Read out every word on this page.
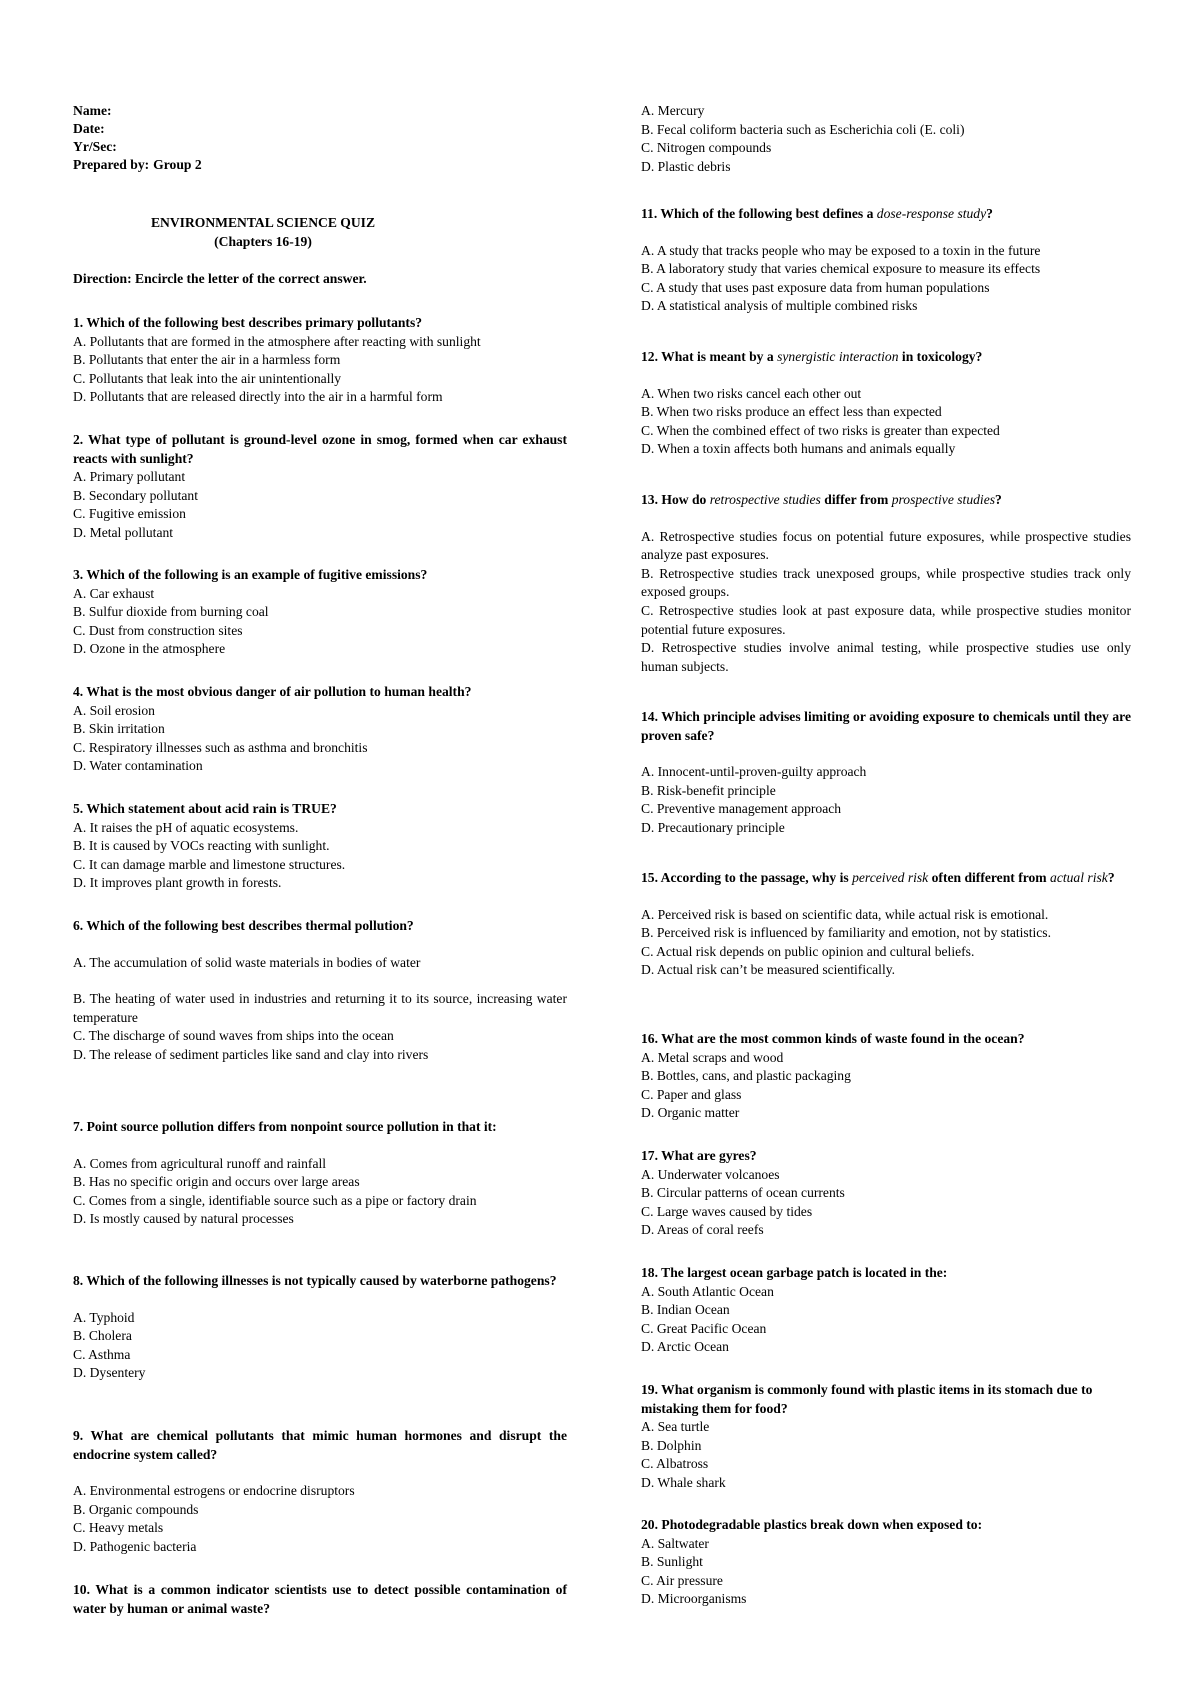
Name:
Date:
Yr/Sec:
Prepared by: Group 2
ENVIRONMENTAL SCIENCE QUIZ
(Chapters 16-19)
Direction: Encircle the letter of the correct answer.

1. Which of the following best describes primary pollutants?

A. Pollutants that are formed in the atmosphere after reacting with sunlight

B. Pollutants that enter the air in a harmless form

C. Pollutants that leak into the air unintentionally

D. Pollutants that are released directly into the air in a harmful form

2. What type of pollutant is ground-level ozone in smog, formed when car exhaust reacts with sunlight?

A. Primary pollutant

B. Secondary pollutant

C. Fugitive emission

D. Metal pollutant

3. Which of the following is an example of fugitive emissions?

A. Car exhaust

B. Sulfur dioxide from burning coal

C. Dust from construction sites

D. Ozone in the atmosphere

4. What is the most obvious danger of air pollution to human health?

A. Soil erosion

B. Skin irritation

C. Respiratory illnesses such as asthma and bronchitis

D. Water contamination

5. Which statement about acid rain is TRUE?

A. It raises the pH of aquatic ecosystems.

B. It is caused by VOCs reacting with sunlight.

C. It can damage marble and limestone structures.

D. It improves plant growth in forests.

6. Which of the following best describes thermal pollution?

A. The accumulation of solid waste materials in bodies of water

B. The heating of water used in industries and returning it to its source, increasing water temperature

C. The discharge of sound waves from ships into the ocean

D. The release of sediment particles like sand and clay into rivers

7. Point source pollution differs from nonpoint source pollution in that it:

A. Comes from agricultural runoff and rainfall

B. Has no specific origin and occurs over large areas

C. Comes from a single, identifiable source such as a pipe or factory drain

D. Is mostly caused by natural processes

8. Which of the following illnesses is not typically caused by waterborne pathogens?

A. Typhoid

B. Cholera

C. Asthma

D. Dysentery

9. What are chemical pollutants that mimic human hormones and disrupt the endocrine system called?

A. Environmental estrogens or endocrine disruptors

B. Organic compounds

C. Heavy metals

D. Pathogenic bacteria

10. What is a common indicator scientists use to detect possible contamination of water by human or animal waste?

A. Mercury

B. Fecal coliform bacteria such as Escherichia coli (E. coli)

C. Nitrogen compounds

D. Plastic debris

11. Which of the following best defines a dose-response study?

A. A study that tracks people who may be exposed to a toxin in the future

B. A laboratory study that varies chemical exposure to measure its effects

C. A study that uses past exposure data from human populations

D. A statistical analysis of multiple combined risks

12. What is meant by a synergistic interaction in toxicology?

A. When two risks cancel each other out

B. When two risks produce an effect less than expected

C. When the combined effect of two risks is greater than expected

D. When a toxin affects both humans and animals equally

13. How do retrospective studies differ from prospective studies?

A. Retrospective studies focus on potential future exposures, while prospective studies analyze past exposures.

B. Retrospective studies track unexposed groups, while prospective studies track only exposed groups.

C. Retrospective studies look at past exposure data, while prospective studies monitor potential future exposures.

D. Retrospective studies involve animal testing, while prospective studies use only human subjects.

14. Which principle advises limiting or avoiding exposure to chemicals until they are proven safe?

A. Innocent-until-proven-guilty approach

B. Risk-benefit principle

C. Preventive management approach

D. Precautionary principle

15. According to the passage, why is perceived risk often different from actual risk?

A. Perceived risk is based on scientific data, while actual risk is emotional.

B. Perceived risk is influenced by familiarity and emotion, not by statistics.

C. Actual risk depends on public opinion and cultural beliefs.

D. Actual risk can’t be measured scientifically.

16. What are the most common kinds of waste found in the ocean?

A. Metal scraps and wood

B. Bottles, cans, and plastic packaging

C. Paper and glass

D. Organic matter

17. What are gyres?

A. Underwater volcanoes

B. Circular patterns of ocean currents

C. Large waves caused by tides

D. Areas of coral reefs

18. The largest ocean garbage patch is located in the:

A. South Atlantic Ocean

B. Indian Ocean

C. Great Pacific Ocean

D. Arctic Ocean

19. What organism is commonly found with plastic items in its stomach due to mistaking them for food?

A. Sea turtle

B. Dolphin

C. Albatross

D. Whale shark

20. Photodegradable plastics break down when exposed to:

A. Saltwater

B. Sunlight

C. Air pressure

D. Microorganisms
